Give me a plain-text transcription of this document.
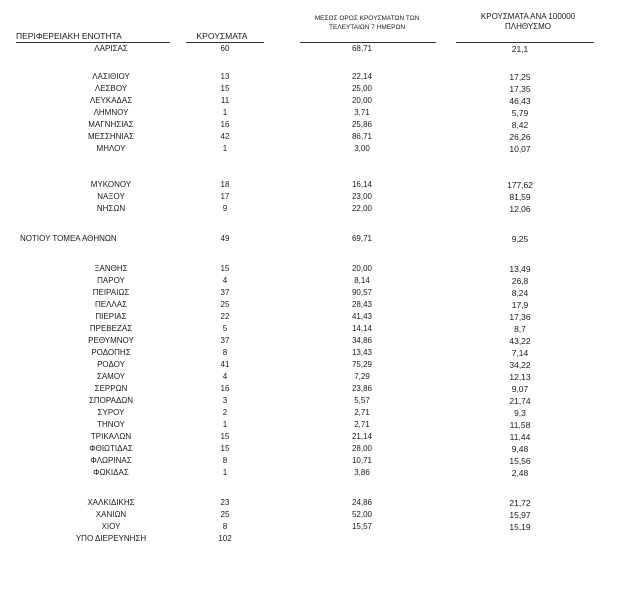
ΠΕΡΙΦΕΡΕΙΑΚΗ ΕΝΟΤΗΤΑ	ΚΡΟΥΣΜΑΤΑ
ΜΕΣΟΣ ΟΡΟΣ ΚΡΟΥΣΜΑΤΩΝ ΤΩΝ
ΤΕΛΕΥΤΑΙΩΝ 7 ΗΜΕΡΩΝ
ΚΡΟΥΣΜΑΤΑ ΑΝΑ 100000
ΠΛΗΘΥΣΜΟ
ΛΑΡΙΣΑΣ	60	68,71	21,1
ΛΑΣΙΘΙΟΥ	13	22,14	17,25
ΛΕΣΒΟΥ	15	25,00	17,35
ΛΕΥΚΑΔΑΣ	11	20,00	46,43
ΛΗΜΝΟΥ	1	3,71	5,79
ΜΑΓΝΗΣΙΑΣ	16	25,86	8,42
ΜΕΣΣΗΝΙΑΣ	42	86,71	26,26
ΜΗΛΟΥ	1	3,00	10,07
ΜΥΚΟΝΟΥ	18	16,14	177,62
ΝΑΞΟΥ	17	23,00	81,59
ΝΗΣΩΝ	9	22,00	12,06
ΝΟΤΙΟΥ ΤΟΜΕΑ ΑΘΗΝΩΝ	49	69,71	9,25
ΞΑΝΘΗΣ	15	20,00	13,49
ΠΑΡΟΥ	4	8,14	26,8
ΠΕΙΡΑΙΩΣ	37	90,57	8,24
ΠΕΛΛΑΣ	25	28,43	17,9
ΠΙΕΡΙΑΣ	22	41,43	17,36
ΠΡΕΒΕΖΑΣ	5	14,14	8,7
ΡΕΘΥΜΝΟΥ	37	34,86	43,22
ΡΟΔΟΠΗΣ	8	13,43	7,14
ΡΟΔΟΥ	41	75,29	34,22
ΣΑΜΟΥ	4	7,29	12,13
ΣΕΡΡΩΝ	16	23,86	9,07
ΣΠΟΡΑΔΩΝ	3	5,57	21,74
ΣΥΡΟΥ	2	2,71	9,3
ΤΗΝΟΥ	1	2,71	11,58
ΤΡΙΚΑΛΩΝ	15	21,14	11,44
ΦΘΙΩΤΙΔΑΣ	15	28,00	9,48
ΦΛΩΡΙΝΑΣ	8	10,71	15,56
ΦΩΚΙΔΑΣ	1	3,86	2,48
ΧΑΛΚΙΔΙΚΗΣ	23	24,86	21,72
ΧΑΝΙΩΝ	25	52,00	15,97
ΧΙΟΥ	8	15,57	15,19
ΥΠΟ ΔΙΕΡΕΥΝΗΣΗ	102
